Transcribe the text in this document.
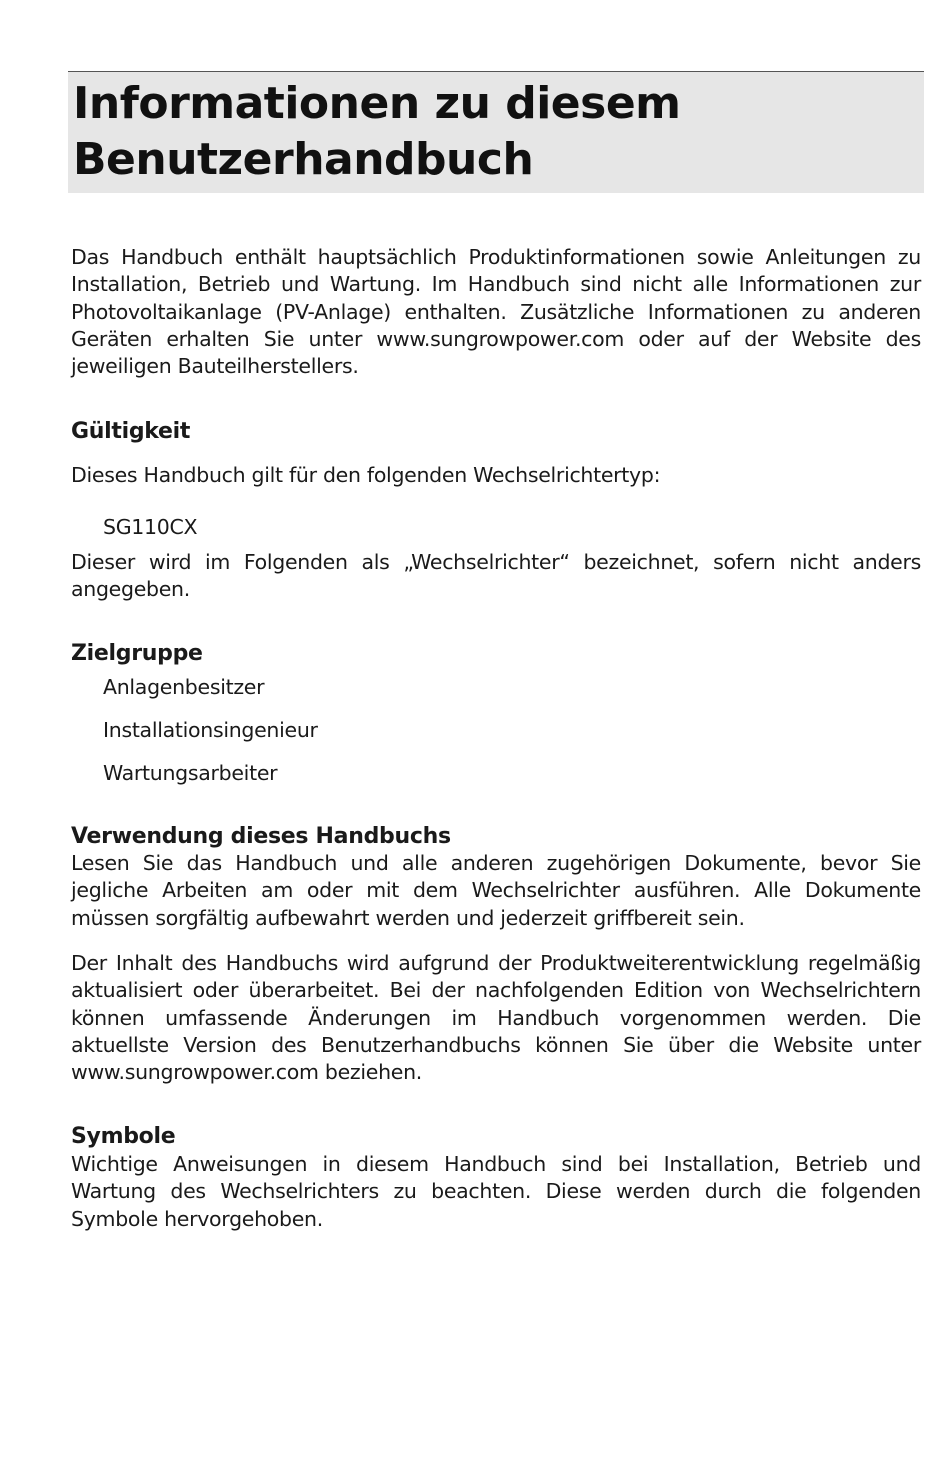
Informationen zu diesem
Benutzerhandbuch

Das Handbuch enthält hauptsächlich Produktinformationen sowie Anleitungen zu Installation, Betrieb und Wartung. Im Handbuch sind nicht alle Informationen zur Photovoltaikanlage (PV-Anlage) enthalten. Zusätzliche Informationen zu anderen Geräten erhalten Sie unter www.sungrowpower.com oder auf der Website des jeweiligen Bauteilherstellers.

Gültigkeit

Dieses Handbuch gilt für den folgenden Wechselrichtertyp:

SG110CX

Dieser wird im Folgenden als „Wechselrichter“ bezeichnet, sofern nicht anders angegeben.

Zielgruppe

Anlagenbesitzer

Installationsingenieur

Wartungsarbeiter

Verwendung dieses Handbuchs

Lesen Sie das Handbuch und alle anderen zugehörigen Dokumente, bevor Sie jegliche Arbeiten am oder mit dem Wechselrichter ausführen. Alle Dokumente müssen sorgfältig aufbewahrt werden und jederzeit griffbereit sein.

Der Inhalt des Handbuchs wird aufgrund der Produktweiterentwicklung regelmäßig aktualisiert oder überarbeitet. Bei der nachfolgenden Edition von Wechselrichtern können umfassende Änderungen im Handbuch vorgenommen werden. Die aktuellste Version des Benutzerhandbuchs können Sie über die Website unter www.sungrowpower.com beziehen.

Symbole

Wichtige Anweisungen in diesem Handbuch sind bei Installation, Betrieb und Wartung des Wechselrichters zu beachten. Diese werden durch die folgenden Symbole hervorgehoben.
